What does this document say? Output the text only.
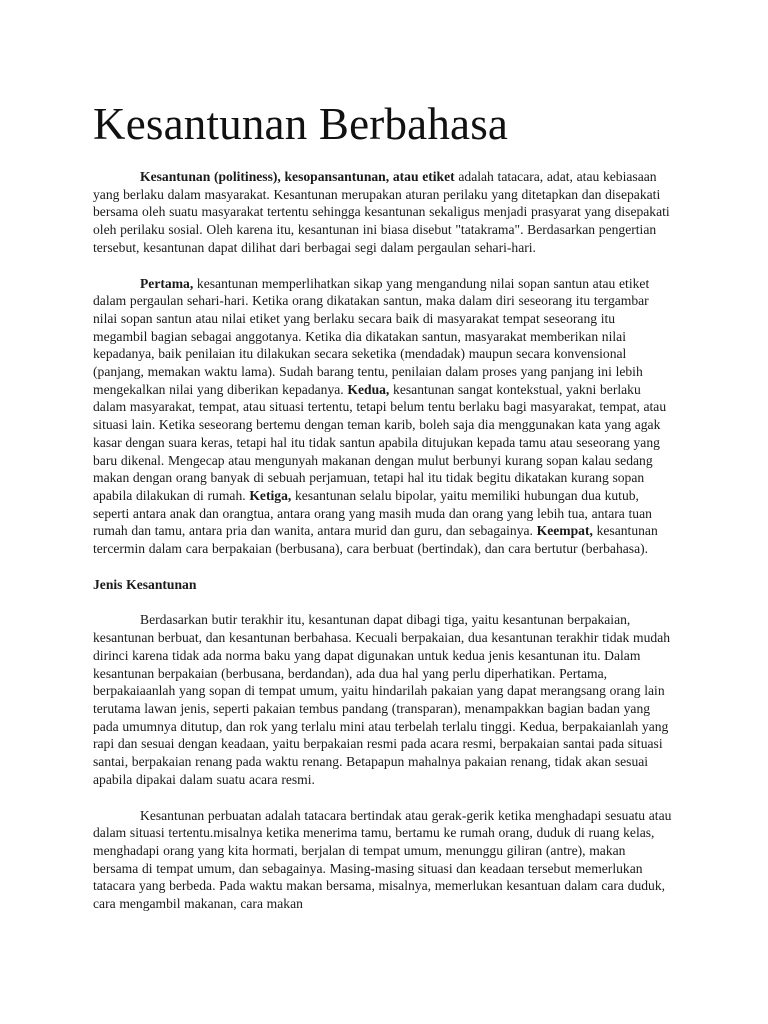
Kesantunan Berbahasa

Kesantunan (politiness), kesopansantunan, atau etiket adalah tatacara, adat, atau kebiasaan yang berlaku dalam masyarakat. Kesantunan merupakan aturan perilaku yang ditetapkan dan disepakati bersama oleh suatu masyarakat tertentu sehingga kesantunan sekaligus menjadi prasyarat yang disepakati oleh perilaku sosial. Oleh karena itu, kesantunan ini biasa disebut "tatakrama". Berdasarkan pengertian tersebut, kesantunan dapat dilihat dari berbagai segi dalam pergaulan sehari-hari.

Pertama, kesantunan memperlihatkan sikap yang mengandung nilai sopan santun atau etiket dalam pergaulan sehari-hari. Ketika orang dikatakan santun, maka dalam diri seseorang itu tergambar nilai sopan santun atau nilai etiket yang berlaku secara baik di masyarakat tempat seseorang itu megambil bagian sebagai anggotanya. Ketika dia dikatakan santun, masyarakat memberikan nilai kepadanya, baik penilaian itu dilakukan secara seketika (mendadak) maupun secara konvensional (panjang, memakan waktu lama). Sudah barang tentu, penilaian dalam proses yang panjang ini lebih mengekalkan nilai yang diberikan kepadanya. Kedua, kesantunan sangat kontekstual, yakni berlaku dalam masyarakat, tempat, atau situasi tertentu, tetapi belum tentu berlaku bagi masyarakat, tempat, atau situasi lain. Ketika seseorang bertemu dengan teman karib, boleh saja dia menggunakan kata yang agak kasar dengan suara keras, tetapi hal itu tidak santun apabila ditujukan kepada tamu atau seseorang yang baru dikenal. Mengecap atau mengunyah makanan dengan mulut berbunyi kurang sopan kalau sedang makan dengan orang banyak di sebuah perjamuan, tetapi hal itu tidak begitu dikatakan kurang sopan apabila dilakukan di rumah. Ketiga, kesantunan selalu bipolar, yaitu memiliki hubungan dua kutub, seperti antara anak dan orangtua, antara orang yang masih muda dan orang yang lebih tua, antara tuan rumah dan tamu, antara pria dan wanita, antara murid dan guru, dan sebagainya. Keempat, kesantunan tercermin dalam cara berpakaian (berbusana), cara berbuat (bertindak), dan cara bertutur (berbahasa).

Jenis Kesantunan

Berdasarkan butir terakhir itu, kesantunan dapat dibagi tiga, yaitu kesantunan berpakaian, kesantunan berbuat, dan kesantunan berbahasa. Kecuali berpakaian, dua kesantunan terakhir tidak mudah dirinci karena tidak ada norma baku yang dapat digunakan untuk kedua jenis kesantunan itu. Dalam kesantunan berpakaian (berbusana, berdandan), ada dua hal yang perlu diperhatikan. Pertama, berpakaiaanlah yang sopan di tempat umum, yaitu hindarilah pakaian yang dapat merangsang orang lain terutama lawan jenis, seperti pakaian tembus pandang (transparan), menampakkan bagian badan yang pada umumnya ditutup, dan rok yang terlalu mini atau terbelah terlalu tinggi. Kedua, berpakaianlah yang rapi dan sesuai dengan keadaan, yaitu berpakaian resmi pada acara resmi, berpakaian santai pada situasi santai, berpakaian renang pada waktu renang. Betapapun mahalnya pakaian renang, tidak akan sesuai apabila dipakai dalam suatu acara resmi.

Kesantunan perbuatan adalah tatacara bertindak atau gerak-gerik ketika menghadapi sesuatu atau dalam situasi tertentu.misalnya ketika menerima tamu, bertamu ke rumah orang, duduk di ruang kelas, menghadapi orang yang kita hormati, berjalan di tempat umum, menunggu giliran (antre), makan bersama di tempat umum, dan sebagainya. Masing-masing situasi dan keadaan tersebut memerlukan tatacara yang berbeda. Pada waktu makan bersama, misalnya, memerlukan kesantuan dalam cara duduk, cara mengambil makanan, cara makan
